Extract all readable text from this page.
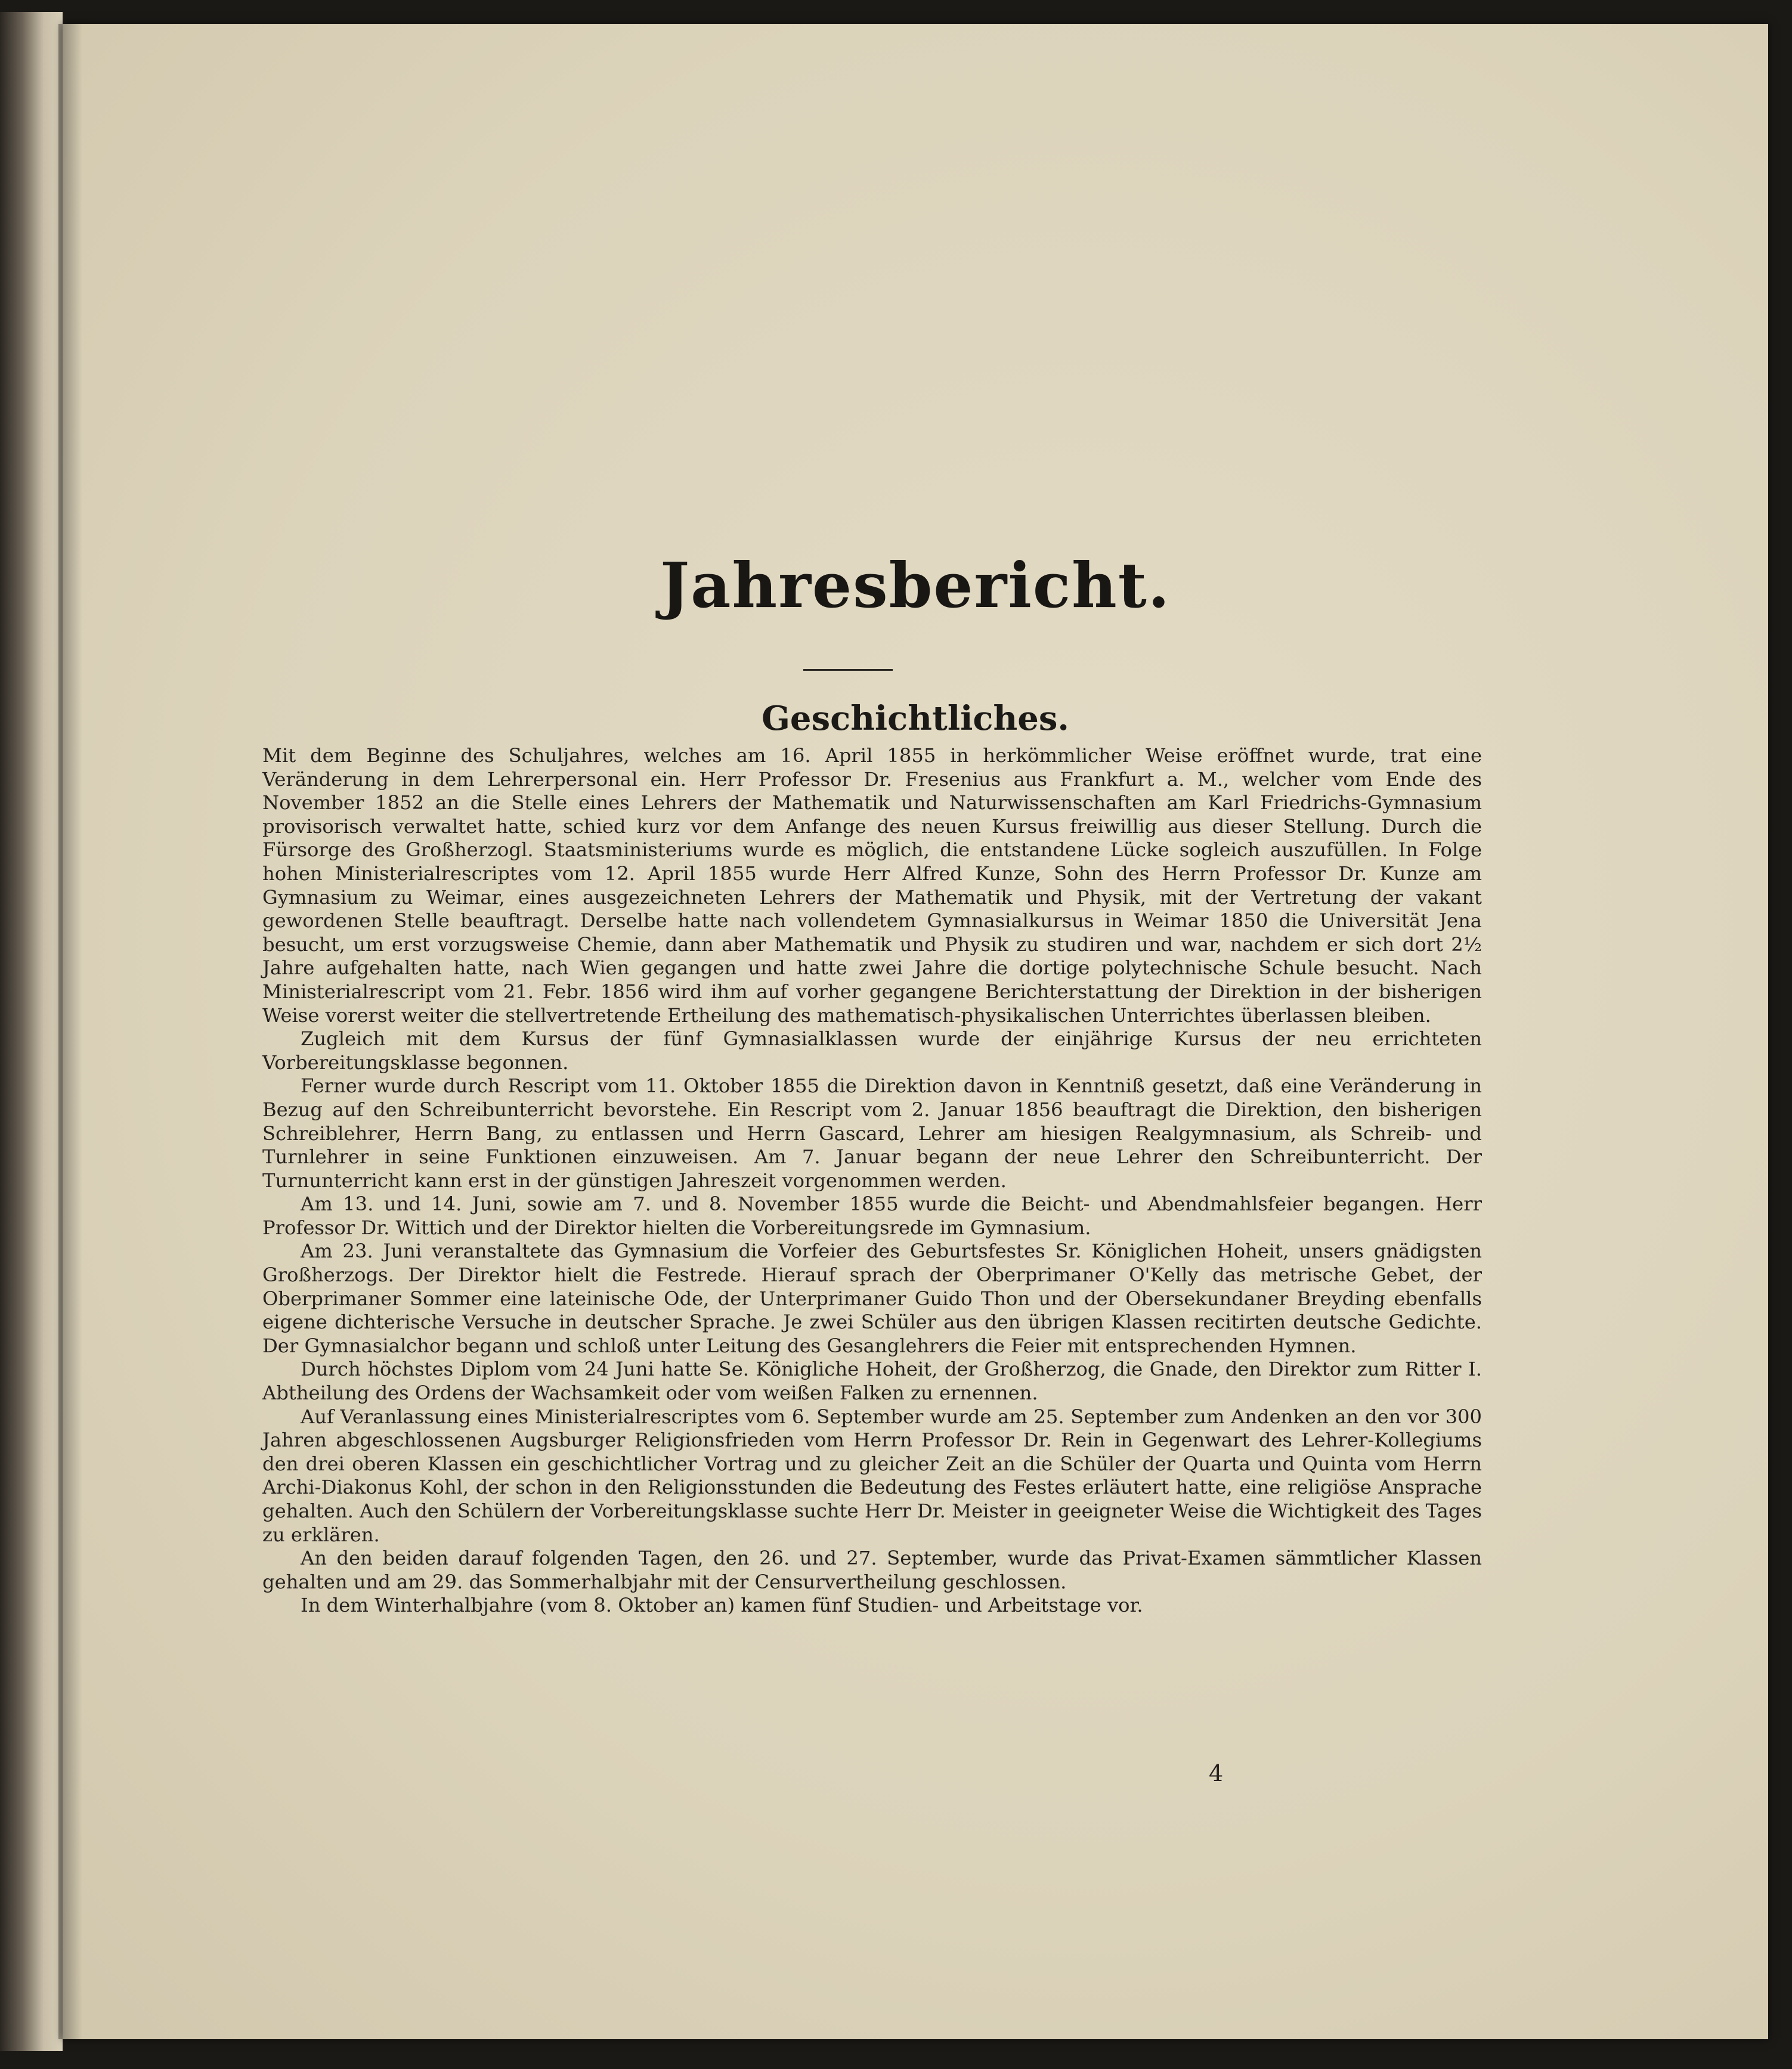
Jahresbericht.
Geschichtliches.

Mit dem Beginne des Schuljahres, welches am 16. April 1855 in herkömmlicher Weise eröffnet wurde, trat eine Veränderung in dem Lehrerpersonal ein. Herr Professor Dr. Fresenius aus Frankfurt a. M., welcher vom Ende des November 1852 an die Stelle eines Lehrers der Mathematik und Naturwissenschaften am Karl Friedrichs-Gymnasium provisorisch verwaltet hatte, schied kurz vor dem Anfange des neuen Kursus freiwillig aus dieser Stellung. Durch die Fürsorge des Großherzogl. Staatsministeriums wurde es möglich, die entstandene Lücke sogleich auszufüllen. In Folge hohen Ministerialrescriptes vom 12. April 1855 wurde Herr Alfred Kunze, Sohn des Herrn Professor Dr. Kunze am Gymnasium zu Weimar, eines ausgezeichneten Lehrers der Mathematik und Physik, mit der Vertretung der vakant gewordenen Stelle beauftragt. Derselbe hatte nach vollendetem Gymnasialkursus in Weimar 1850 die Universität Jena besucht, um erst vorzugsweise Chemie, dann aber Mathematik und Physik zu studiren und war, nachdem er sich dort 2½ Jahre aufgehalten hatte, nach Wien gegangen und hatte zwei Jahre die dortige polytechnische Schule besucht. Nach Ministerialrescript vom 21. Febr. 1856 wird ihm auf vorher gegangene Berichterstattung der Direktion in der bisherigen Weise vorerst weiter die stellvertretende Ertheilung des mathematisch-physikalischen Unterrichtes überlassen bleiben.

Zugleich mit dem Kursus der fünf Gymnasialklassen wurde der einjährige Kursus der neu errichteten Vorbereitungsklasse begonnen.

Ferner wurde durch Rescript vom 11. Oktober 1855 die Direktion davon in Kenntniß gesetzt, daß eine Veränderung in Bezug auf den Schreibunterricht bevorstehe. Ein Rescript vom 2. Januar 1856 beauftragt die Direktion, den bisherigen Schreiblehrer, Herrn Bang, zu entlassen und Herrn Gascard, Lehrer am hiesigen Realgymnasium, als Schreib- und Turnlehrer in seine Funktionen einzuweisen. Am 7. Januar begann der neue Lehrer den Schreibunterricht. Der Turnunterricht kann erst in der günstigen Jahreszeit vorgenommen werden.

Am 13. und 14. Juni, sowie am 7. und 8. November 1855 wurde die Beicht- und Abendmahlsfeier begangen. Herr Professor Dr. Wittich und der Direktor hielten die Vorbereitungsrede im Gymnasium.

Am 23. Juni veranstaltete das Gymnasium die Vorfeier des Geburtsfestes Sr. Königlichen Hoheit, unsers gnädigsten Großherzogs. Der Direktor hielt die Festrede. Hierauf sprach der Oberprimaner O'Kelly das metrische Gebet, der Oberprimaner Sommer eine lateinische Ode, der Unterprimaner Guido Thon und der Obersekundaner Breyding ebenfalls eigene dichterische Versuche in deutscher Sprache. Je zwei Schüler aus den übrigen Klassen recitirten deutsche Gedichte. Der Gymnasialchor begann und schloß unter Leitung des Gesanglehrers die Feier mit entsprechenden Hymnen.

Durch höchstes Diplom vom 24 Juni hatte Se. Königliche Hoheit, der Großherzog, die Gnade, den Direktor zum Ritter I. Abtheilung des Ordens der Wachsamkeit oder vom weißen Falken zu ernennen.

Auf Veranlassung eines Ministerialrescriptes vom 6. September wurde am 25. September zum Andenken an den vor 300 Jahren abgeschlossenen Augsburger Religionsfrieden vom Herrn Professor Dr. Rein in Gegenwart des Lehrer-Kollegiums den drei oberen Klassen ein geschichtlicher Vortrag und zu gleicher Zeit an die Schüler der Quarta und Quinta vom Herrn Archi-Diakonus Kohl, der schon in den Religionsstunden die Bedeutung des Festes erläutert hatte, eine religiöse Ansprache gehalten. Auch den Schülern der Vorbereitungsklasse suchte Herr Dr. Meister in geeigneter Weise die Wichtigkeit des Tages zu erklären.

An den beiden darauf folgenden Tagen, den 26. und 27. September, wurde das Privat-Examen sämmtlicher Klassen gehalten und am 29. das Sommerhalbjahr mit der Censurvertheilung geschlossen.

In dem Winterhalbjahre (vom 8. Oktober an) kamen fünf Studien- und Arbeitstage vor.

4
